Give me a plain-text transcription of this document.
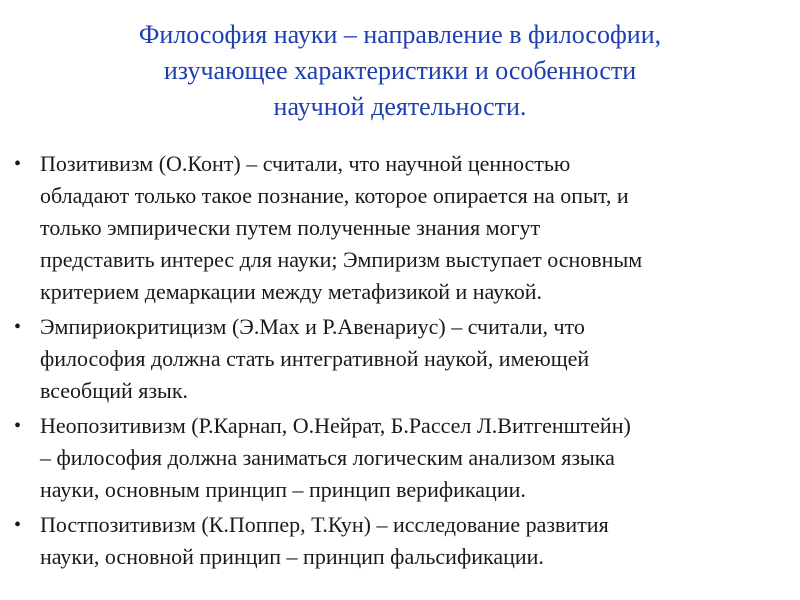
Философия науки – направление в философии,
изучающее характеристики и особенности
научной деятельности.
• Позитивизм (О.Конт) – считали, что научной ценностью
обладают только такое познание, которое опирается на опыт, и
только эмпирически путем полученные знания могут
представить интерес для науки; Эмпиризм выступает основным
критерием демаркации между метафизикой и наукой.
• Эмпириокритицизм (Э.Мах и Р.Авенариус) – считали, что
философия должна стать интегративной наукой, имеющей
всеобщий язык.
• Неопозитивизм (Р.Карнап, О.Нейрат, Б.Рассел Л.Витгенштейн)
– философия должна заниматься логическим анализом языка
науки, основным принцип – принцип верификации.
• Постпозитивизм (К.Поппер, Т.Кун) – исследование развития
науки, основной принцип – принцип фальсификации.
